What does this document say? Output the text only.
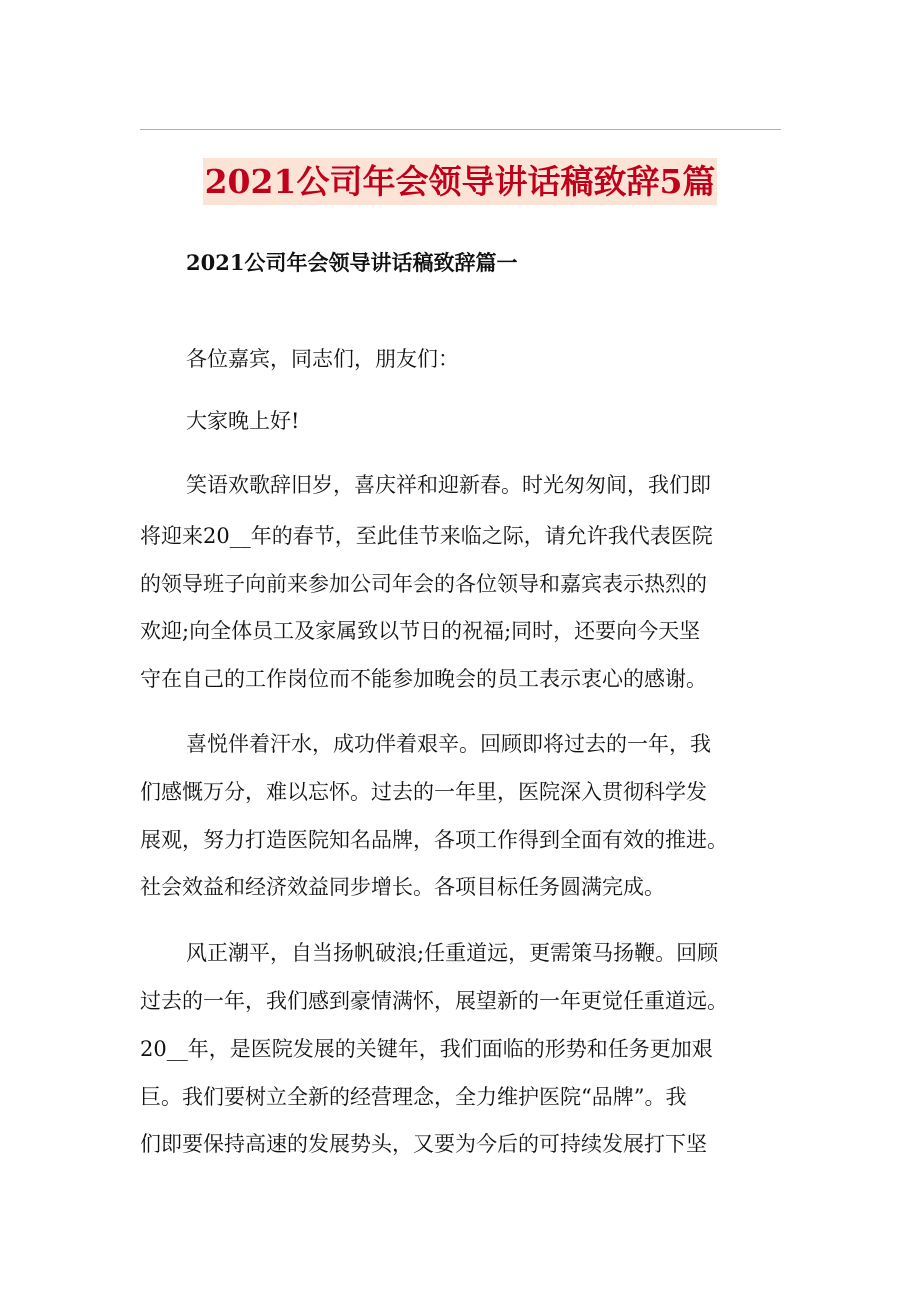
2021公司年会领导讲话稿致辞5篇
2021公司年会领导讲话稿致辞篇一
各位嘉宾，同志们，朋友们：
大家晚上好!
笑语欢歌辞旧岁，喜庆祥和迎新春。时光匆匆间，我们即
将迎来20__年的春节，至此佳节来临之际，请允许我代表医院
的领导班子向前来参加公司年会的各位领导和嘉宾表示热烈的
欢迎;向全体员工及家属致以节日的祝福;同时，还要向今天坚
守在自己的工作岗位而不能参加晚会的员工表示衷心的感谢。
喜悦伴着汗水，成功伴着艰辛。回顾即将过去的一年，我
们感慨万分，难以忘怀。过去的一年里，医院深入贯彻科学发
展观，努力打造医院知名品牌，各项工作得到全面有效的推进。
社会效益和经济效益同步增长。各项目标任务圆满完成。
风正潮平，自当扬帆破浪;任重道远，更需策马扬鞭。回顾
过去的一年，我们感到豪情满怀，展望新的一年更觉任重道远。
20__年，是医院发展的关键年，我们面临的形势和任务更加艰
巨。我们要树立全新的经营理念，全力维护医院“品牌”。我
们即要保持高速的发展势头，又要为今后的可持续发展打下坚
